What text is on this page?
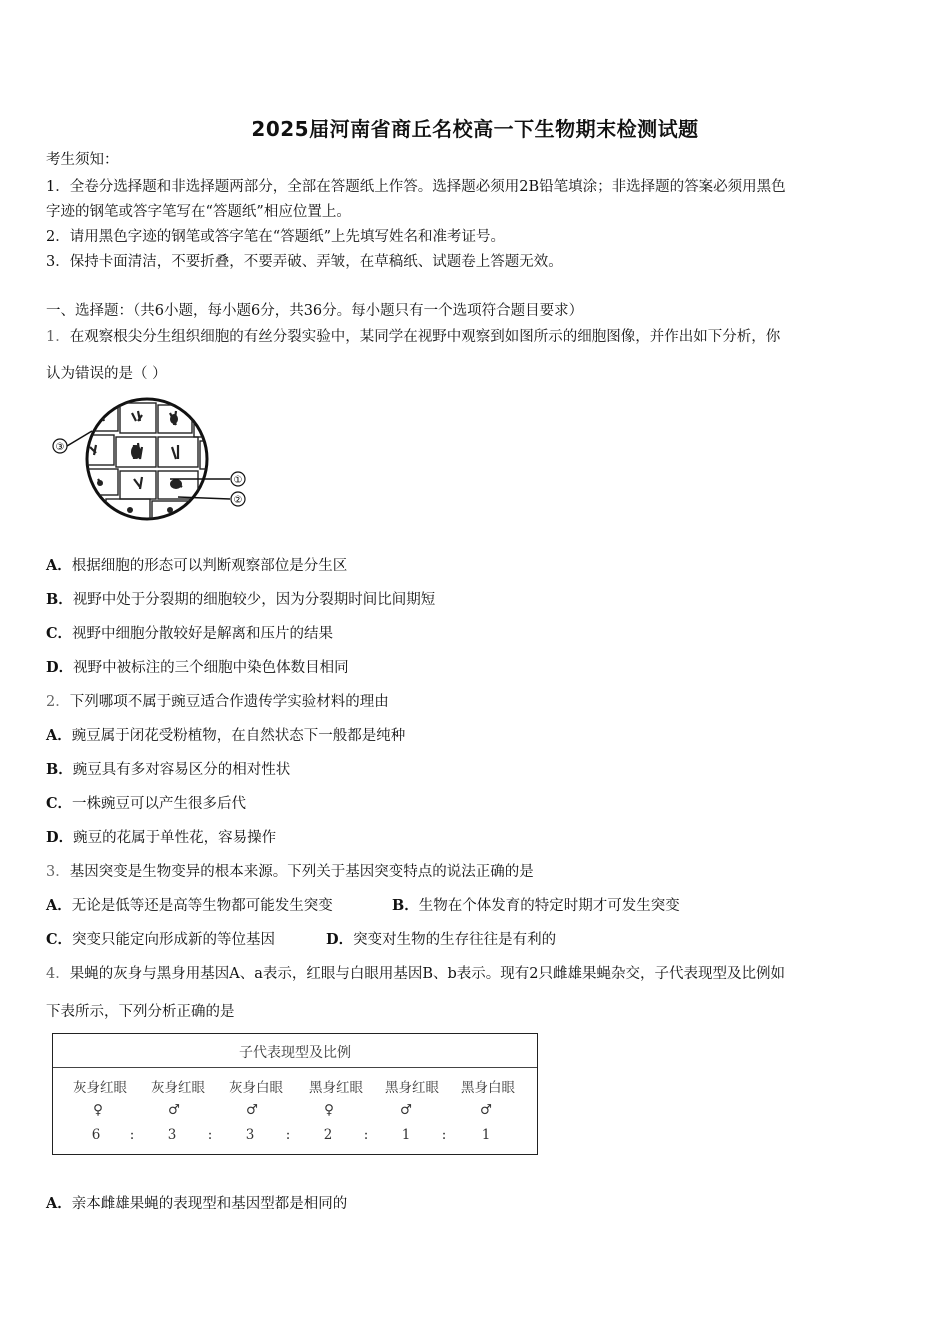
2025届河南省商丘名校高一下生物期末检测试题
考生须知：
1．全卷分选择题和非选择题两部分，全部在答题纸上作答。选择题必须用2B铅笔填涂；非选择题的答案必须用黑色
字迹的钢笔或答字笔写在“答题纸”相应位置上。
2．请用黑色字迹的钢笔或答字笔在“答题纸”上先填写姓名和准考证号。
3．保持卡面清洁，不要折叠，不要弄破、弄皱，在草稿纸、试题卷上答题无效。
一、选择题：（共6小题，每小题6分，共36分。每小题只有一个选项符合题目要求）
1．在观察根尖分生组织细胞的有丝分裂实验中，某同学在视野中观察到如图所示的细胞图像，并作出如下分析，你
认为错误的是（ ）
③
①
②
A．根据细胞的形态可以判断观察部位是分生区
B．视野中处于分裂期的细胞较少，因为分裂期时间比间期短
C．视野中细胞分散较好是解离和压片的结果
D．视野中被标注的三个细胞中染色体数目相同
2．下列哪项不属于豌豆适合作遗传学实验材料的理由
A．豌豆属于闭花受粉植物，在自然状态下一般都是纯种
B．豌豆具有多对容易区分的相对性状
C．一株豌豆可以产生很多后代
D．豌豆的花属于单性花，容易操作
3．基因突变是生物变异的根本来源。下列关于基因突变特点的说法正确的是
A．无论是低等还是高等生物都可能发生突变	B．生物在个体发育的特定时期才可发生突变
C．突变只能定向形成新的等位基因	D．突变对生物的生存往往是有利的
4．果蝇的灰身与黑身用基因A、a表示，红眼与白眼用基因B、b表示。现有2只雌雄果蝇杂交，子代表现型及比例如
下表所示，下列分析正确的是
子代表现型及比例
灰身红眼	灰身红眼	灰身白眼	黑身红眼	黑身红眼	黑身白眼
♀	♂	♂	♀	♂	♂
6	:	3	:	3	:	2	:	1	:	1
A．亲本雌雄果蝇的表现型和基因型都是相同的
